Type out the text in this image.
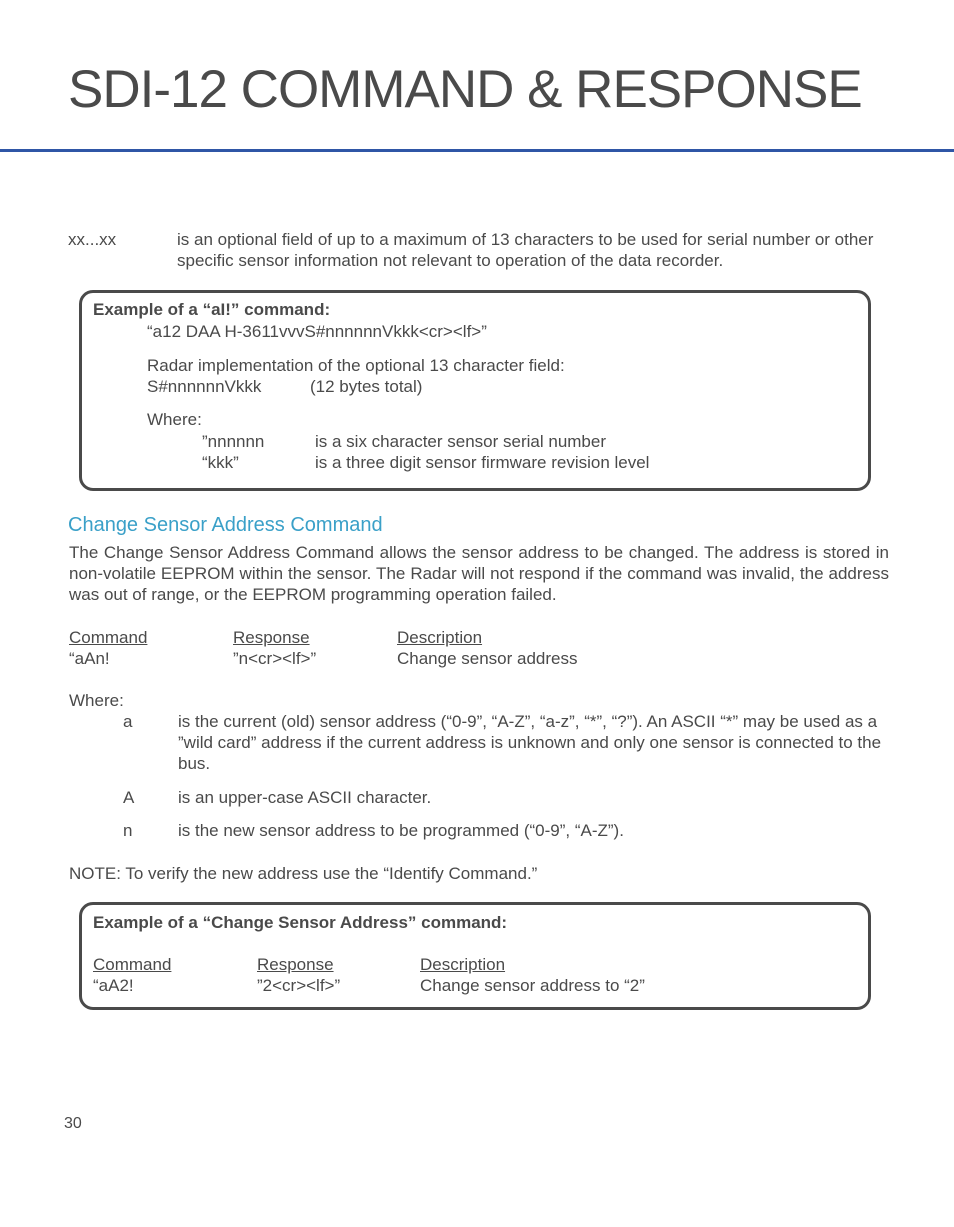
SDI-12 COMMAND & RESPONSE
xx...xx	is an optional field of up to a maximum of 13 characters to be used for serial number or other specific sensor information not relevant to operation of the data recorder.
Example of a “aI!” command:
“a12 DAA H-3611vvvS#nnnnnnVkkk<cr><lf>”
Radar implementation of the optional 13 character field:
S#nnnnnnVkkk	(12 bytes total)
Where:
”nnnnnn	is a six character sensor serial number
“kkk”	is a three digit sensor firmware revision level
Change Sensor Address Command

The Change Sensor Address Command allows the sensor address to be changed. The address is stored in non-volatile EEPROM within the sensor. The Radar will not respond if the command was invalid, the address was out of range, or the EEPROM programming operation failed.

Command	Response	Description
“aAn!	”n<cr><lf>”	Change sensor address
Where:
a	is the current (old) sensor address (“0-9”, “A-Z”, “a-z”, “*”, “?”). An ASCII “*” may be used as a ”wild card” address if the current address is unknown and only one sensor is connected to the bus.
A	is an upper-case ASCII character.
n	is the new sensor address to be programmed (“0-9”, “A-Z”).
NOTE: To verify the new address use the “Identify Command.”
Example of a “Change Sensor Address” command:
Command	Response	Description
“aA2!	”2<cr><lf>”	Change sensor address to “2”
30
